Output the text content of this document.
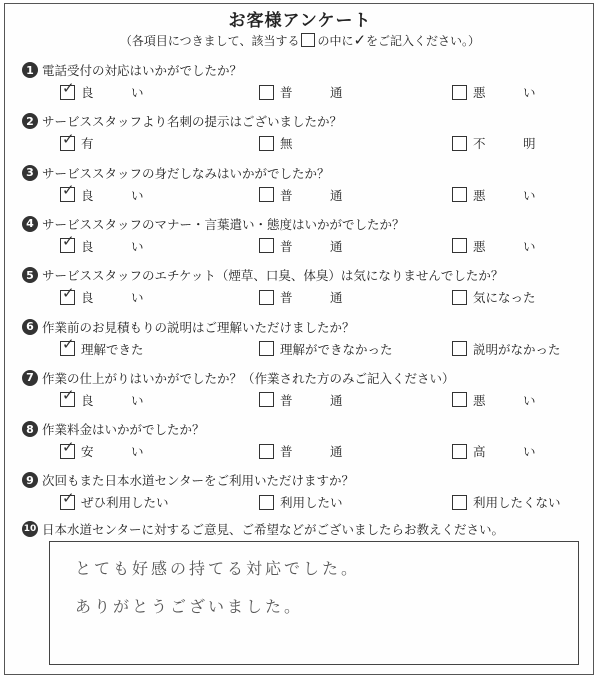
お客様アンケート
（各項目につきまして、該当する の中に✓をご記入ください。）
1 電話受付の対応はいかがでしたか？
✓ 良　　　い	普　　　通	悪　　　い
2 サービススタッフより名刺の提示はございましたか？
✓ 有	無	不　　　明
3 サービススタッフの身だしなみはいかがでしたか？
✓ 良　　　い	普　　　通	悪　　　い
4 サービススタッフのマナー・言葉遣い・態度はいかがでしたか？
✓ 良　　　い	普　　　通	悪　　　い
5 サービススタッフのエチケット（煙草、口臭、体臭）は気になりませんでしたか？
✓ 良　　　い	普　　　通	気になった
6 作業前のお見積もりの説明はご理解いただけましたか？
✓ 理解できた	理解ができなかった	説明がなかった
7 作業の仕上がりはいかがでしたか？（作業された方のみご記入ください）
✓ 良　　　い	普　　　通	悪　　　い
8 作業料金はいかがでしたか？
✓ 安　　　い	普　　　通	高　　　い
9 次回もまた日本水道センターをご利用いただけますか？
✓ ぜひ利用したい	利用したい	利用したくない
10 日本水道センターに対するご意見、ご希望などがございましたらお教えください。
とても好感の持てる対応でした。
ありがとうございました。
